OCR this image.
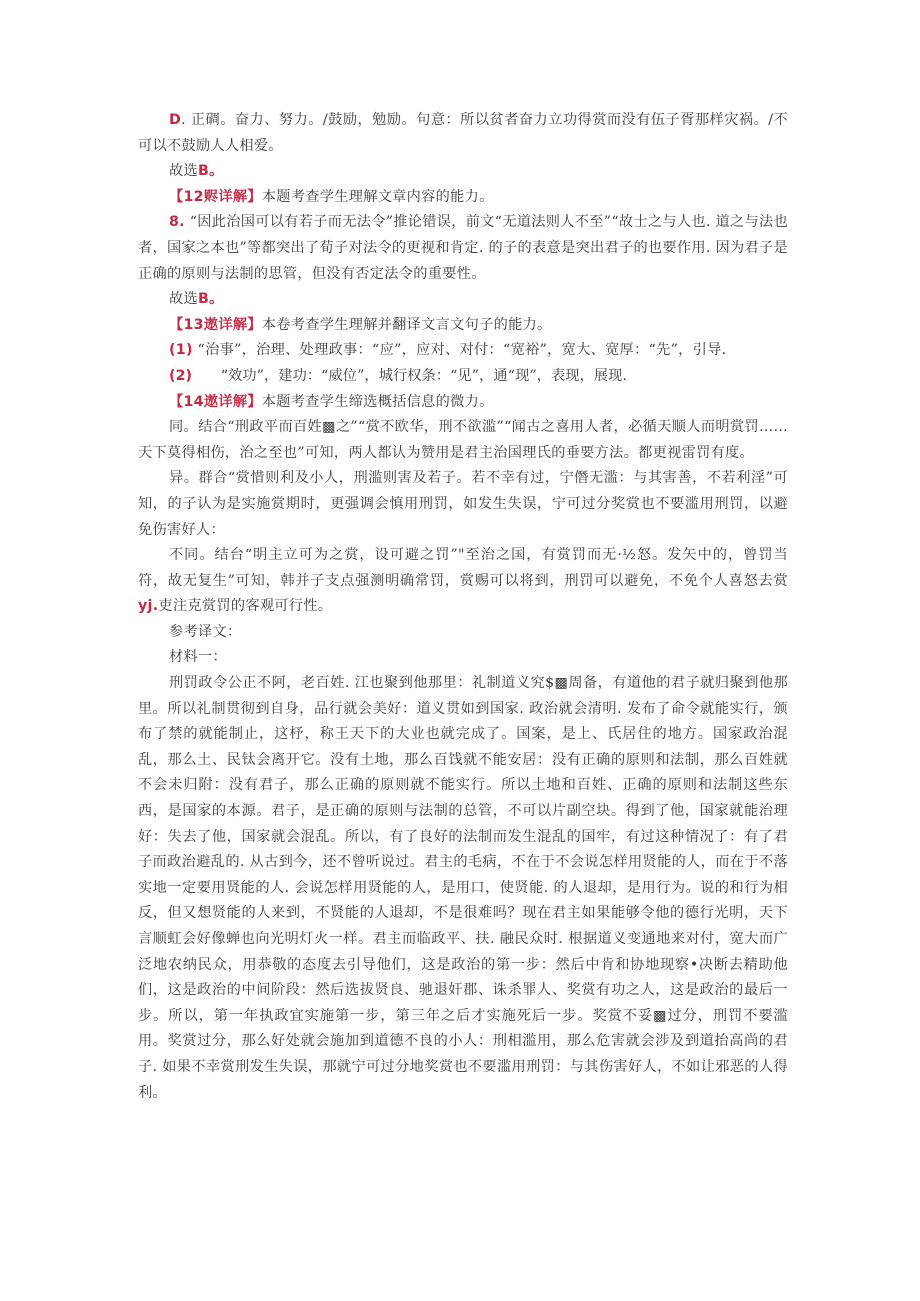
D. 正碉。奋力、努力。/鼓励，勉励。句意：所以贫者奋力立功得赏而没有伍子胥那样灾祸。/不可以不鼓励人人相爱。

故选B。

【12赆详解】本题考查学生理解文章内容的能力。

8. “因此治国可以有若子而无法令”推论错误，前文“无道法则人不至”“故士之与人也. 道之与法也者，国家之本也”等都突出了荀子对法令的更视和肯定. 的子的表意是突出君子的也要作用. 因为君子是正确的原则与法制的思管，但没有否定法令的重要性。

故选B。

【13遨详解】本卷考查学生理解并翻译文言文句子的能力。

(1) “治事”，治理、处理政事：“应”，应对、对付：“宽裕”，宽大、宽厚：“先”，引导.

(2)　　“效功”，建功：“威位”，城行权条：“见”，通“现”，表现，展现.

【14遨详解】本题考查学生缔选概括信息的微力。

同。结合“刑政平而百姓▩之”“赏不欧华，刑不欲滥”“闻古之喜用人者，必循天顺人而明赏罚……天下莫得相伤，治之至也”可知，两人都认为赞用是君主治国理氏的垂要方法。都更视雷罚有度。

异。群合“赏惜则利及小人，刑滥则害及若子。若不幸有过，宁僭无滥：与其害善，不若利淫”可知，的子认为是实施赏期时，更强调会慎用刑罚，如发生失误，宁可过分奖赏也不要滥用刑罚，以避免伤害好人：

不同。结台“明主立可为之赏，设可避之罚”"至治之国，有赏罚而无·½怒。发矢中的，曾罚当符，故无复生”可知，韩并子支点强测明确常罚，赏赐可以将到，刑罚可以避免，不免个人喜怒去赏yj.吏注克赏罚的客观可行性。

参考译文：

材料一：

刑罚政令公正不阿，老百姓. 江也聚到他那里：礼制道义究$▩周备，有道他的君子就归聚到他那里。所以礼制贯彻到自身，品行就会美好：道义贯如到国家. 政治就会清明. 发布了命令就能实行，颁布了禁的就能制止，这杼，称王天下的大业也就完成了。国案，是上、氏居住的地方。国家政治混乱，那么土、民钛会离开它。没有土地，那么百饯就不能安居：没有正确的原则和法制，那么百姓就不会未归附：没有君子，那么正确的原则就不能实行。所以土地和百姓、正确的原则和法制这些东西，是国家的本源。君子，是正确的原则与法制的总管，不可以片副空块。得到了他，国家就能治理好：失去了他，国家就会混乱。所以，有了良好的法制而发生混乱的国牢，有过这种情况了：有了君子而政治避乱的. 从古到今，还不曾听说过。君主的毛病，不在于不会说怎样用贤能的人，而在于不落实地一定要用贤能的人. 会说怎样用贤能的人，是用口，使贤能. 的人退却，是用行为。说的和行为相反，但又想贤能的人来到，不贤能的人退却，不是很难吗？现在君主如果能够令他的德行光明，天下言顺虹会好像蝉也向光明灯火一样。君主而临政平、扶. 融民众时. 根据道义变通地来对付，宽大而广泛地农纳民众，用恭敬的态度去引导他们，这是政治的第一步：然后中肯和协地现察•决断去精助他们，这是政治的中间阶段：然后选拔贤良、驰退奸郡、诛杀罪人、奖赏有功之人，这是政治的最后一步。所以，第一年执政宜实施第一步，第三年之后才实施死后一步。奖赏不妥▩过分，刑罚不要滥用。奖赏过分，那么好处就会施加到道德不良的小人：刑相滥用，那么危害就会涉及到道抬高尚的君子. 如果不幸赏刑发生失误，那就宁可过分地奖赏也不要滥用刑罚：与其伤害好人，不如让邪恶的人得利。
